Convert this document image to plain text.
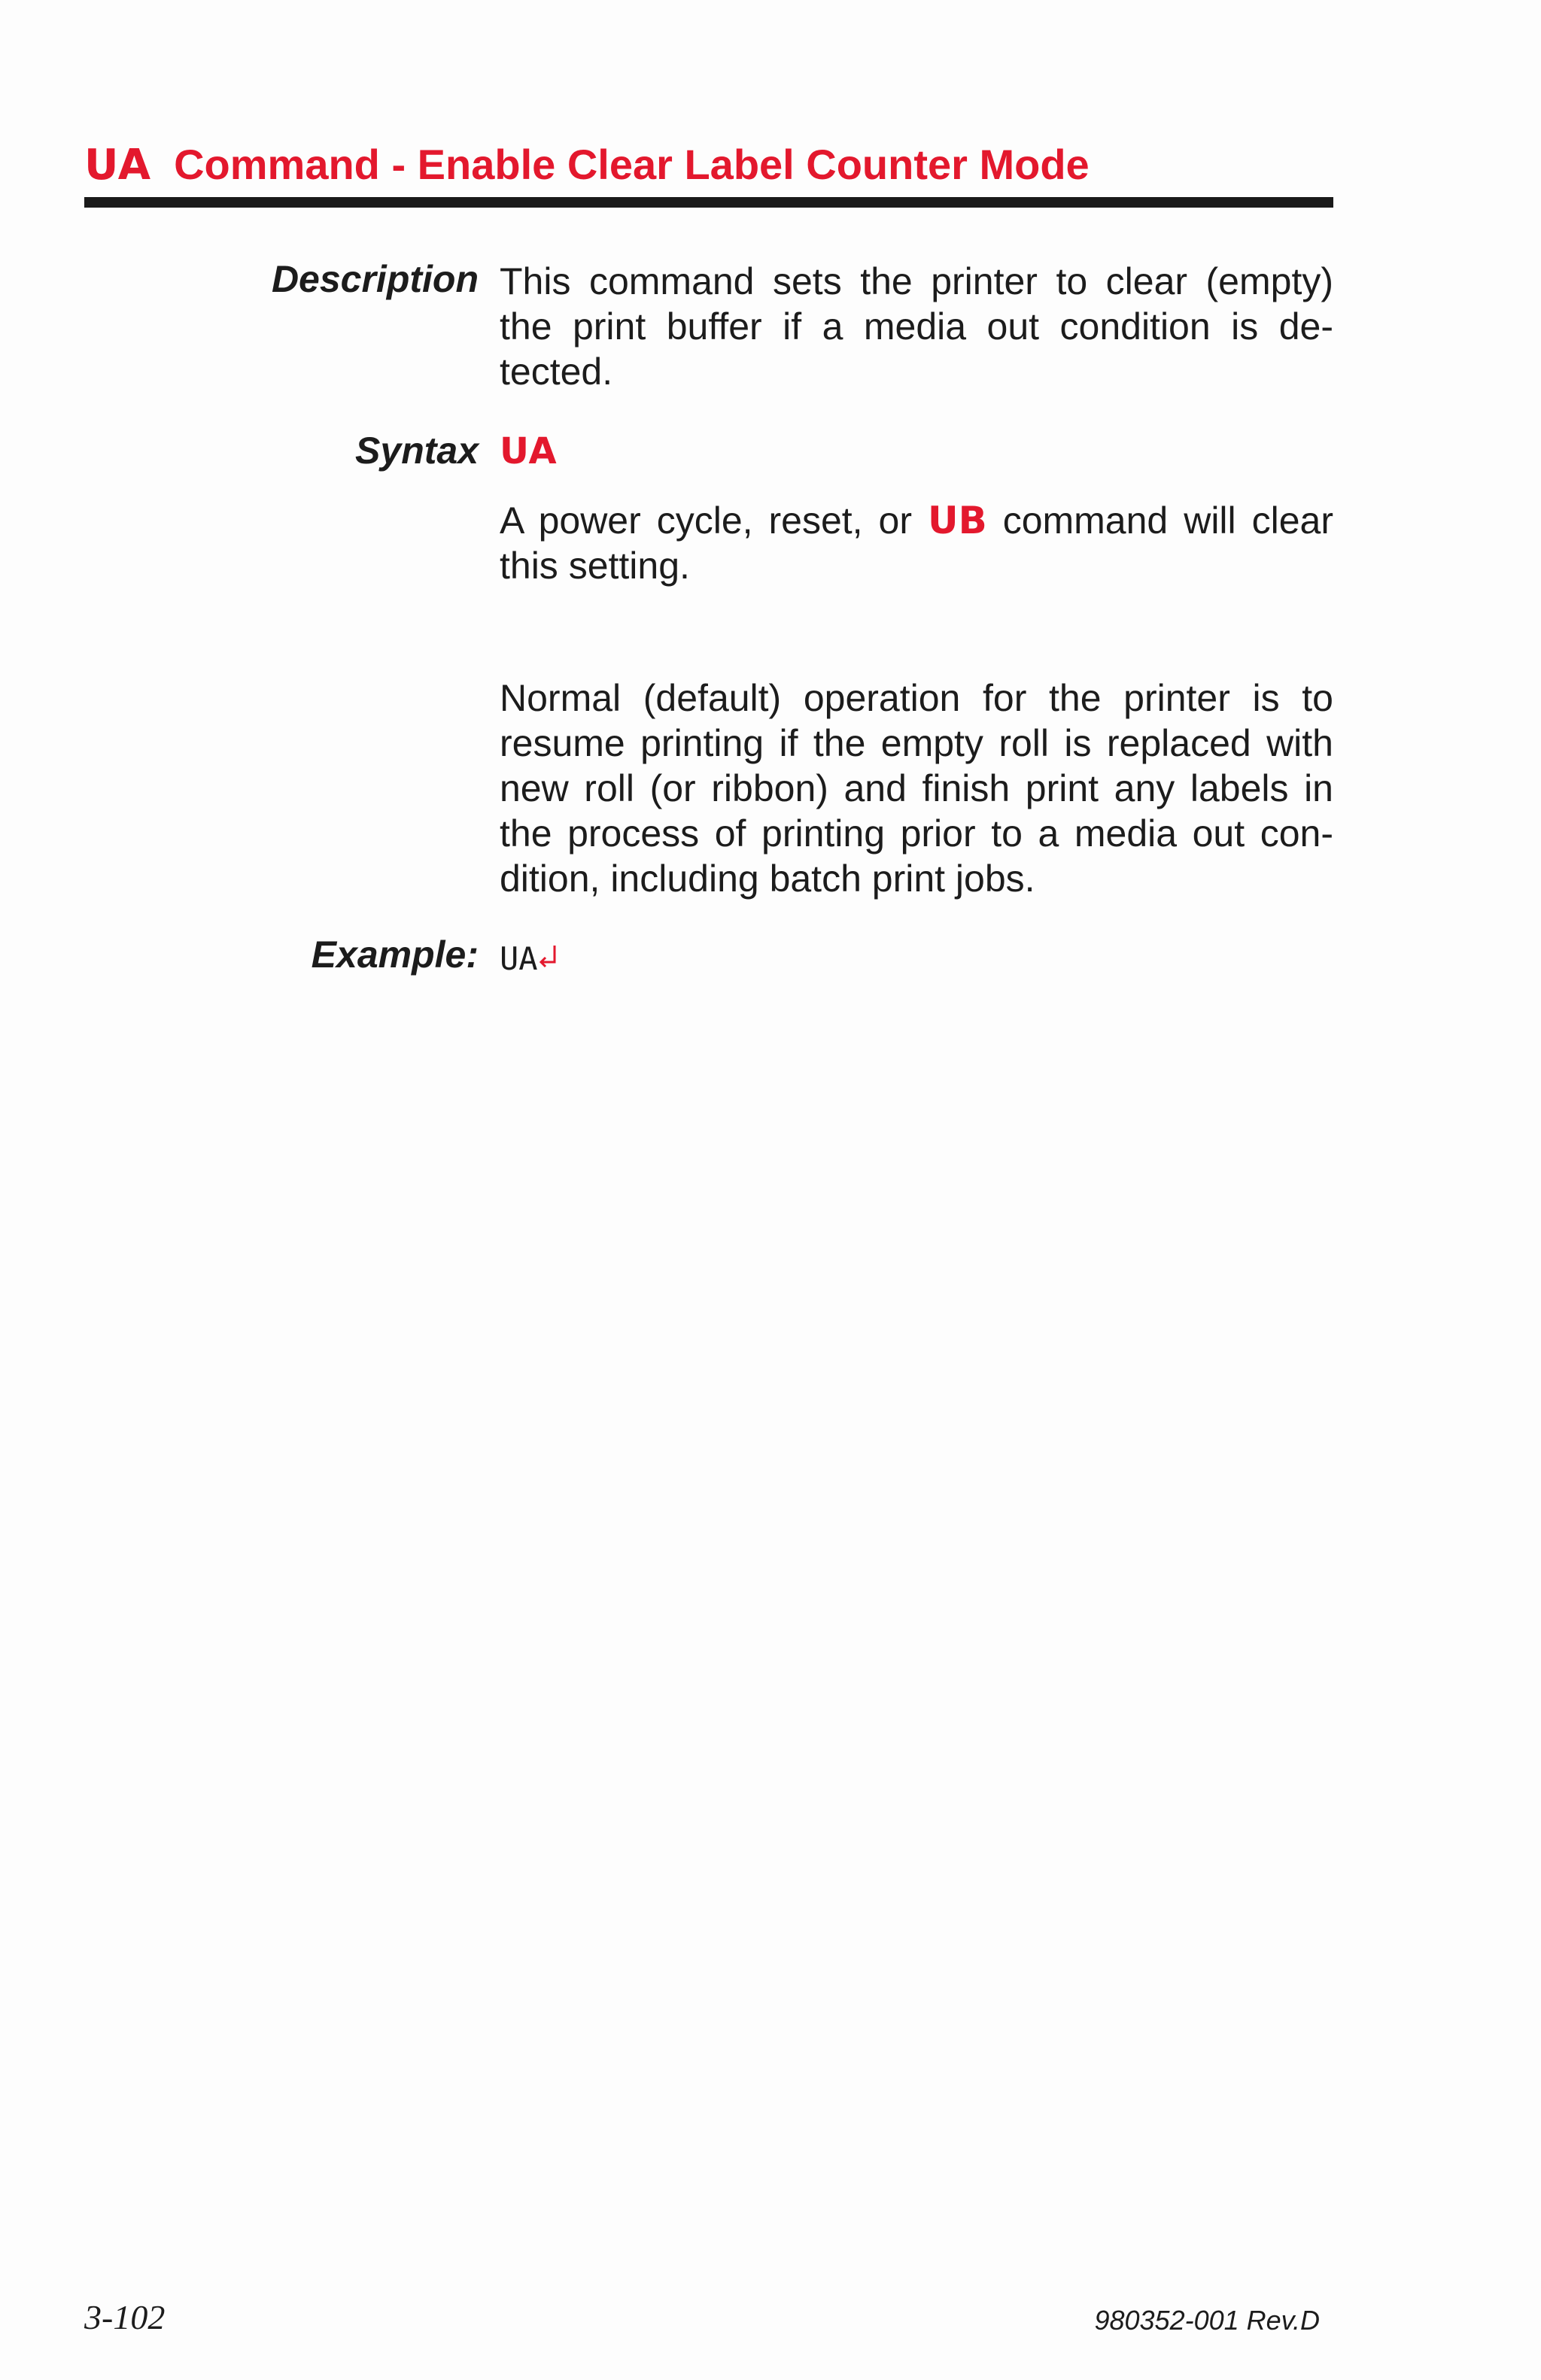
UA Command - Enable Clear Label Counter Mode
Description This command sets the printer to clear (empty) the print buffer if a media out condition is detected.
Syntax UA
A power cycle, reset, or UB command will clear this setting.
Normal (default) operation for the printer is to resume printing if the empty roll is replaced with new roll (or ribbon) and finish print any labels in the process of printing prior to a media out condition, including batch print jobs.
Example: UA
3-102	980352-001 Rev.D
